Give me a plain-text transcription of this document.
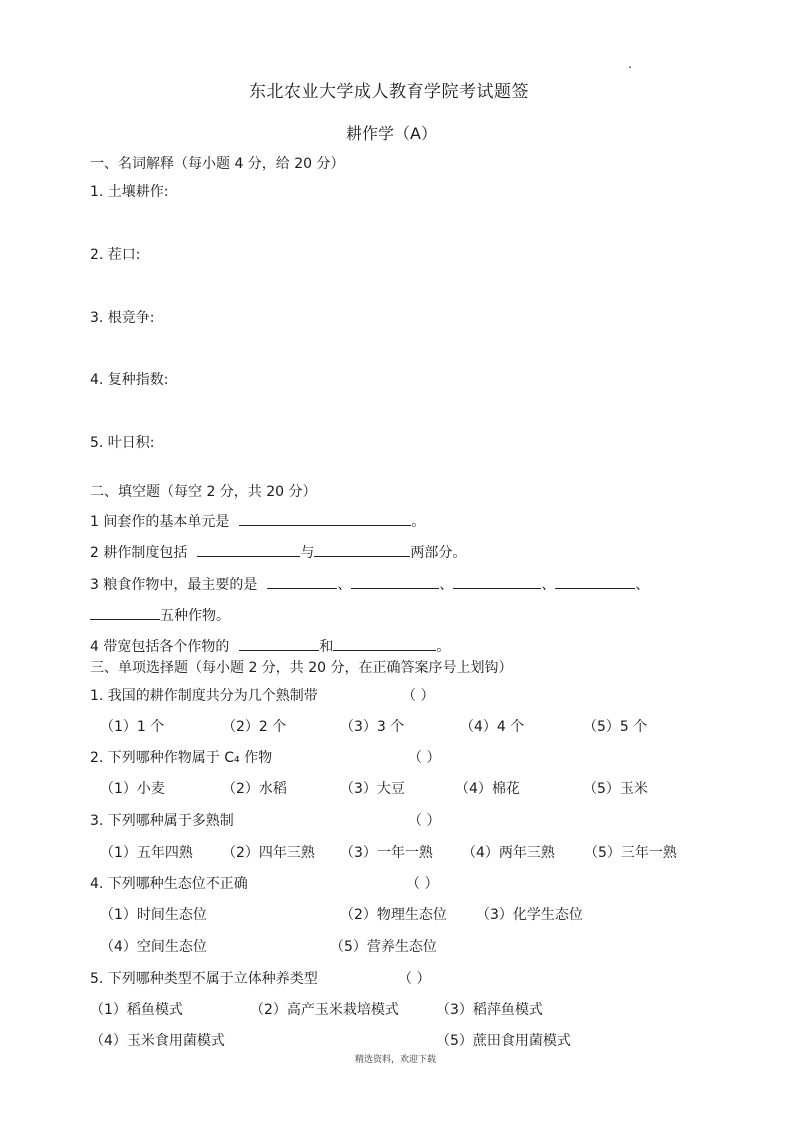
.
东北农业大学成人教育学院考试题签
耕作学（A）
一、名词解释（每小题 4 分，给 20 分）
1. 土壤耕作:
2. 茬口:
3. 根竞争:
4. 复种指数:
5. 叶日积:
二、填空题（每空 2 分，共 20 分）
1 间套作的基本单元是	。
2 耕作制度包括	与	两部分。
3 粮食作物中，最主要的是	、	、	、	、
五种作物。
4 带宽包括各个作物的	和	。
三、单项选择题（每小题 2 分，共 20 分，在正确答案序号上划钩）
1. 我国的耕作制度共分为几个熟制带	（ ）
（1）1 个	（2）2 个	（3）3 个	（4）4 个	（5）5 个
2. 下列哪种作物属于 C₄ 作物	（ ）
（1）小麦	（2）水稻	（3）大豆	（4）棉花	（5）玉米
3. 下列哪种属于多熟制	（ ）
（1）五年四熟 （2）四年三熟 （3）一年一熟 （4）两年三熟 （5）三年一熟
4. 下列哪种生态位不正确	（ ）
（1）时间生态位	（2）物理生态位 （3）化学生态位
（4）空间生态位	（5）营养生态位
5. 下列哪种类型不属于立体种养类型	（ ）
（1）稻鱼模式	（2）高产玉米栽培模式	（3）稻萍鱼模式
（4）玉米食用菌模式	（5）蔗田食用菌模式
精选资料，欢迎下载
